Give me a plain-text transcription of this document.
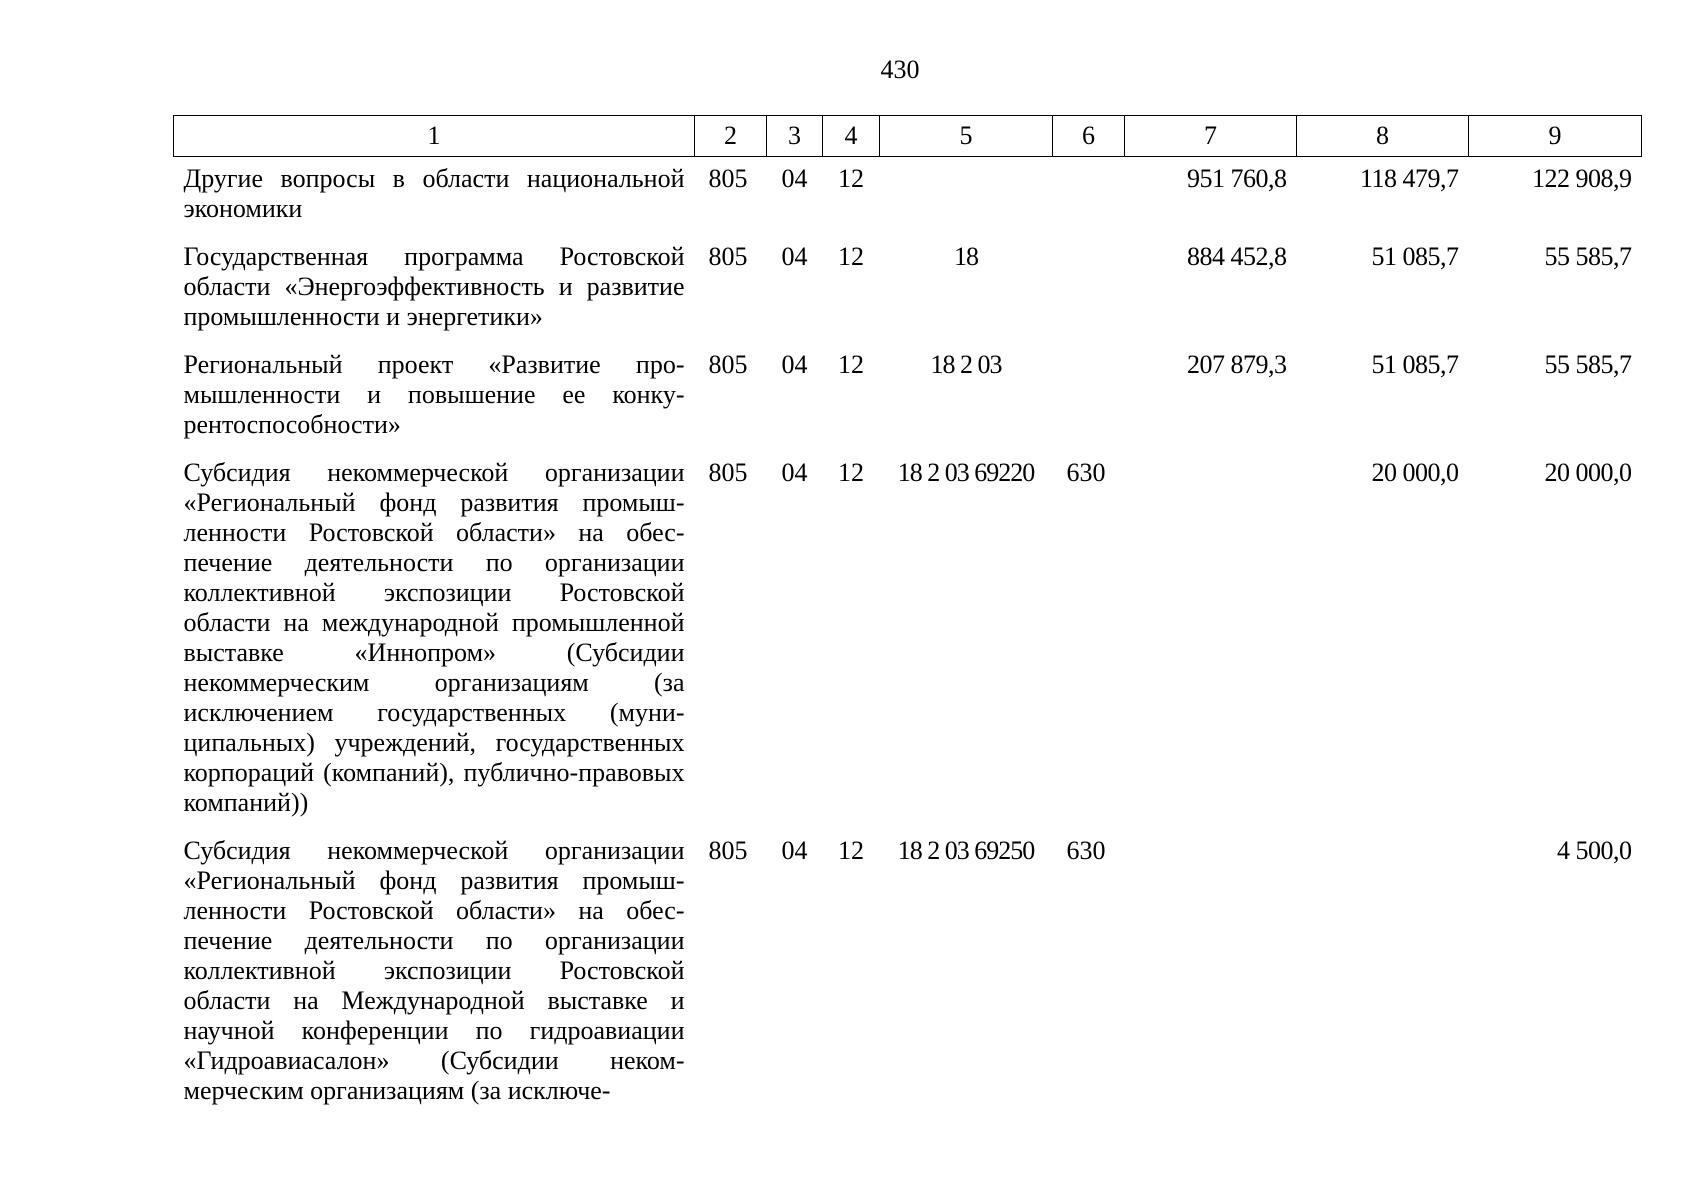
430
1	2	3	4	5	6	7	8	9
Другие вопросы в области национальной экономики	805	04	12			951 760,8	118 479,7	122 908,9
Государственная программа Ростовской области «Энергоэффективность и развитие промышленности и энергетики»	805	04	12	18		884 452,8	51 085,7	55 585,7
Региональный проект «Развитие промышленности и повышение ее конкурентоспособности»	805	04	12	18 2 03		207 879,3	51 085,7	55 585,7
Субсидия некоммерческой организации «Региональный фонд развития промышленности Ростовской области» на обеспечение деятельности по организации коллективной экспозиции Ростовской области на международной промышленной выставке «Иннопром» (Субсидии некоммерческим организациям (за исключением государственных (муниципальных) учреждений, государственных корпораций (компаний), публично-правовых компаний))	805	04	12	18 2 03 69220	630		20 000,0	20 000,0
Субсидия некоммерческой организации «Региональный фонд развития промышленности Ростовской области» на обеспечение деятельности по организации коллективной экспозиции Ростовской области на Международной выставке и научной конференции по гидроавиации «Гидроавиасалон» (Субсидии некоммерческим организациям (за исключе-	805	04	12	18 2 03 69250	630			4 500,0
